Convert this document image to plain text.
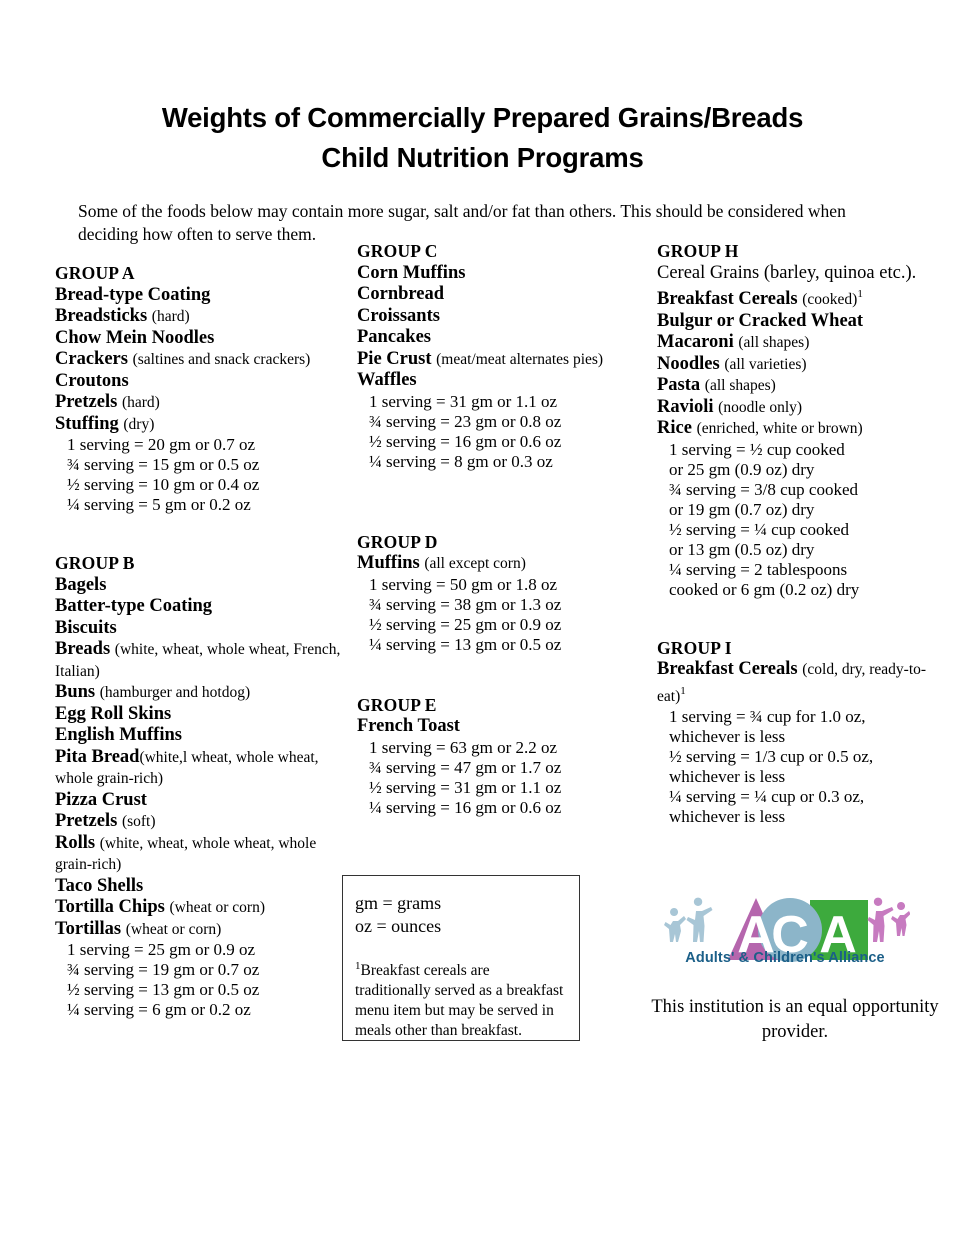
Weights of Commercially Prepared Grains/Breads
Child Nutrition Programs
Some of the foods below may contain more sugar, salt and/or fat than others. This should be considered when deciding how often to serve them.
GROUP A
Bread-type Coating
Breadsticks (hard)
Chow Mein Noodles
Crackers (saltines and snack crackers)
Croutons
Pretzels (hard)
Stuffing (dry)
1 serving = 20 gm or 0.7 oz
¾ serving = 15 gm or 0.5 oz
½ serving = 10 gm or 0.4 oz
¼ serving = 5 gm or 0.2 oz
GROUP B
Bagels
Batter-type Coating
Biscuits
Breads (white, wheat, whole wheat, French, Italian)
Buns (hamburger and hotdog)
Egg Roll Skins
English Muffins
Pita Bread(white,l wheat, whole wheat, whole grain-rich)
Pizza Crust
Pretzels (soft)
Rolls (white, wheat, whole wheat, whole grain-rich)
Taco Shells
Tortilla Chips (wheat or corn)
Tortillas (wheat or corn)
1 serving = 25 gm or 0.9 oz
¾ serving = 19 gm or 0.7 oz
½ serving = 13 gm or 0.5 oz
¼ serving = 6 gm or 0.2 oz
GROUP C
Corn Muffins
Cornbread
Croissants
Pancakes
Pie Crust (meat/meat alternates pies)
Waffles
1 serving = 31 gm or 1.1 oz
¾ serving = 23 gm or 0.8 oz
½ serving = 16 gm or 0.6 oz
¼ serving = 8 gm or 0.3 oz
GROUP D
Muffins (all except corn)
1 serving = 50 gm or 1.8 oz
¾ serving = 38 gm or 1.3 oz
½ serving = 25 gm or 0.9 oz
¼ serving = 13 gm or 0.5 oz
GROUP E
French Toast
1 serving = 63 gm or 2.2 oz
¾ serving = 47 gm or 1.7 oz
½ serving = 31 gm or 1.1 oz
¼ serving = 16 gm or 0.6 oz
gm = grams
oz = ounces
$^1$Breakfast cereals are traditionally served as a breakfast menu item but may be served in meals other than breakfast.
GROUP H
Cereal Grains (barley, quinoa etc.).
Breakfast Cereals (cooked)$^1$
Bulgur or Cracked Wheat
Macaroni (all shapes)
Noodles (all varieties)
Pasta (all shapes)
Ravioli (noodle only)
Rice (enriched, white or brown)
1 serving = ½ cup cooked
or 25 gm (0.9 oz) dry
¾ serving = 3/8 cup cooked
or 19 gm (0.7 oz) dry
½ serving = ¼ cup cooked
or 13 gm (0.5 oz) dry
¼ serving = 2 tablespoons
cooked or 6 gm (0.2 oz) dry
GROUP I
Breakfast Cereals (cold, dry, ready-to-eat)$^1$
1 serving = ¾ cup for 1.0 oz,
whichever is less
½ serving = 1/3 cup or 0.5 oz,
whichever is less
¼ serving = ¼ cup or 0.3 oz,
whichever is less
A
C A
Adults' & Children's Alliance
This institution is an equal opportunity provider.
